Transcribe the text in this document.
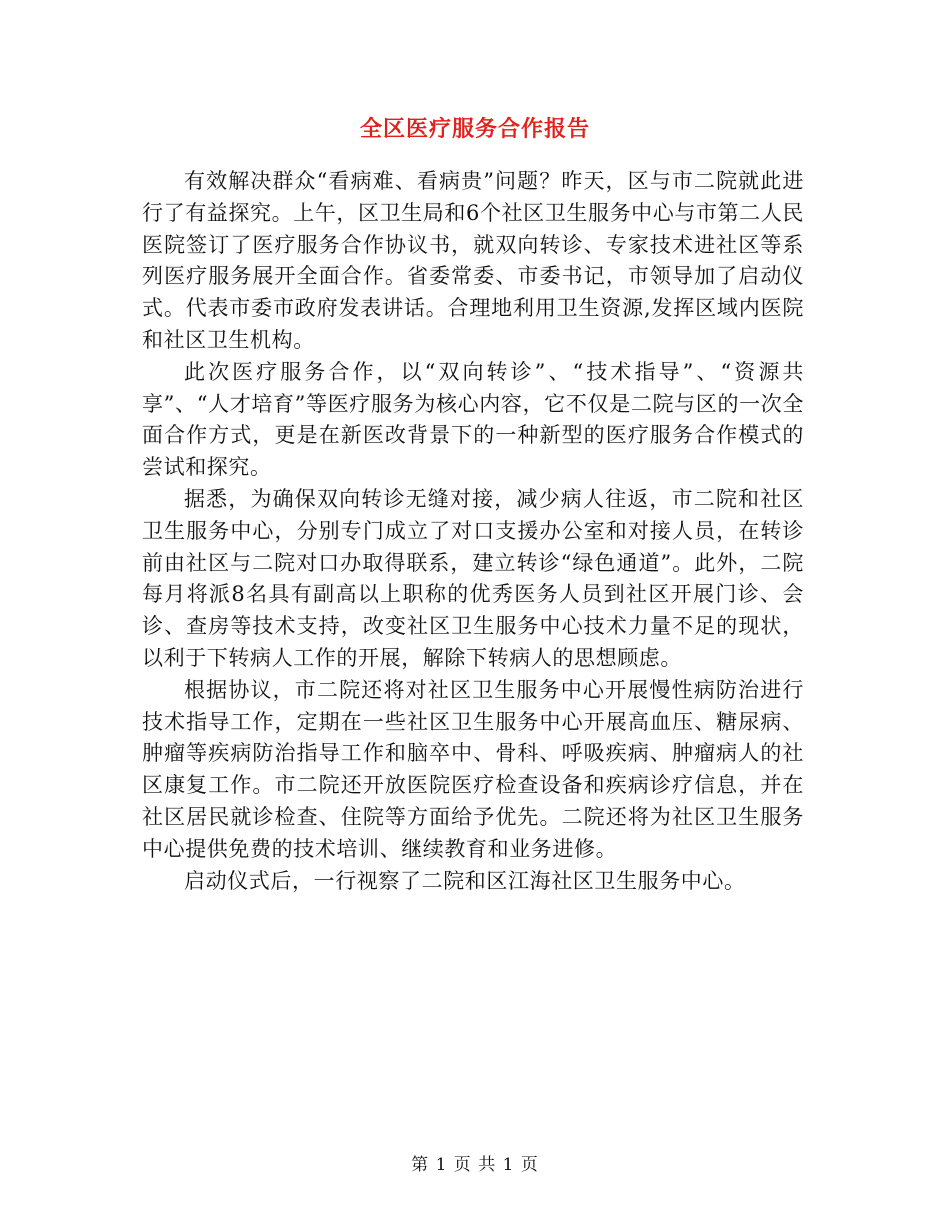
全区医疗服务合作报告

有效解决群众“看病难、看病贵”问题？昨天，区与市二院就此进行了有益探究。上午，区卫生局和6个社区卫生服务中心与市第二人民医院签订了医疗服务合作协议书，就双向转诊、专家技术进社区等系列医疗服务展开全面合作。省委常委、市委书记，市领导加了启动仪式。代表市委市政府发表讲话。合理地利用卫生资源,发挥区域内医院和社区卫生机构。

此次医疗服务合作，以“双向转诊”、“技术指导”、“资源共享”、“人才培育”等医疗服务为核心内容，它不仅是二院与区的一次全面合作方式，更是在新医改背景下的一种新型的医疗服务合作模式的尝试和探究。

据悉，为确保双向转诊无缝对接，减少病人往返，市二院和社区卫生服务中心，分别专门成立了对口支援办公室和对接人员，在转诊前由社区与二院对口办取得联系，建立转诊“绿色通道”。此外，二院每月将派8名具有副高以上职称的优秀医务人员到社区开展门诊、会诊、查房等技术支持，改变社区卫生服务中心技术力量不足的现状，以利于下转病人工作的开展，解除下转病人的思想顾虑。

根据协议，市二院还将对社区卫生服务中心开展慢性病防治进行技术指导工作，定期在一些社区卫生服务中心开展高血压、糖尿病、肿瘤等疾病防治指导工作和脑卒中、骨科、呼吸疾病、肿瘤病人的社区康复工作。市二院还开放医院医疗检查设备和疾病诊疗信息，并在社区居民就诊检查、住院等方面给予优先。二院还将为社区卫生服务中心提供免费的技术培训、继续教育和业务进修。

启动仪式后，一行视察了二院和区江海社区卫生服务中心。

第 1 页 共 1 页
